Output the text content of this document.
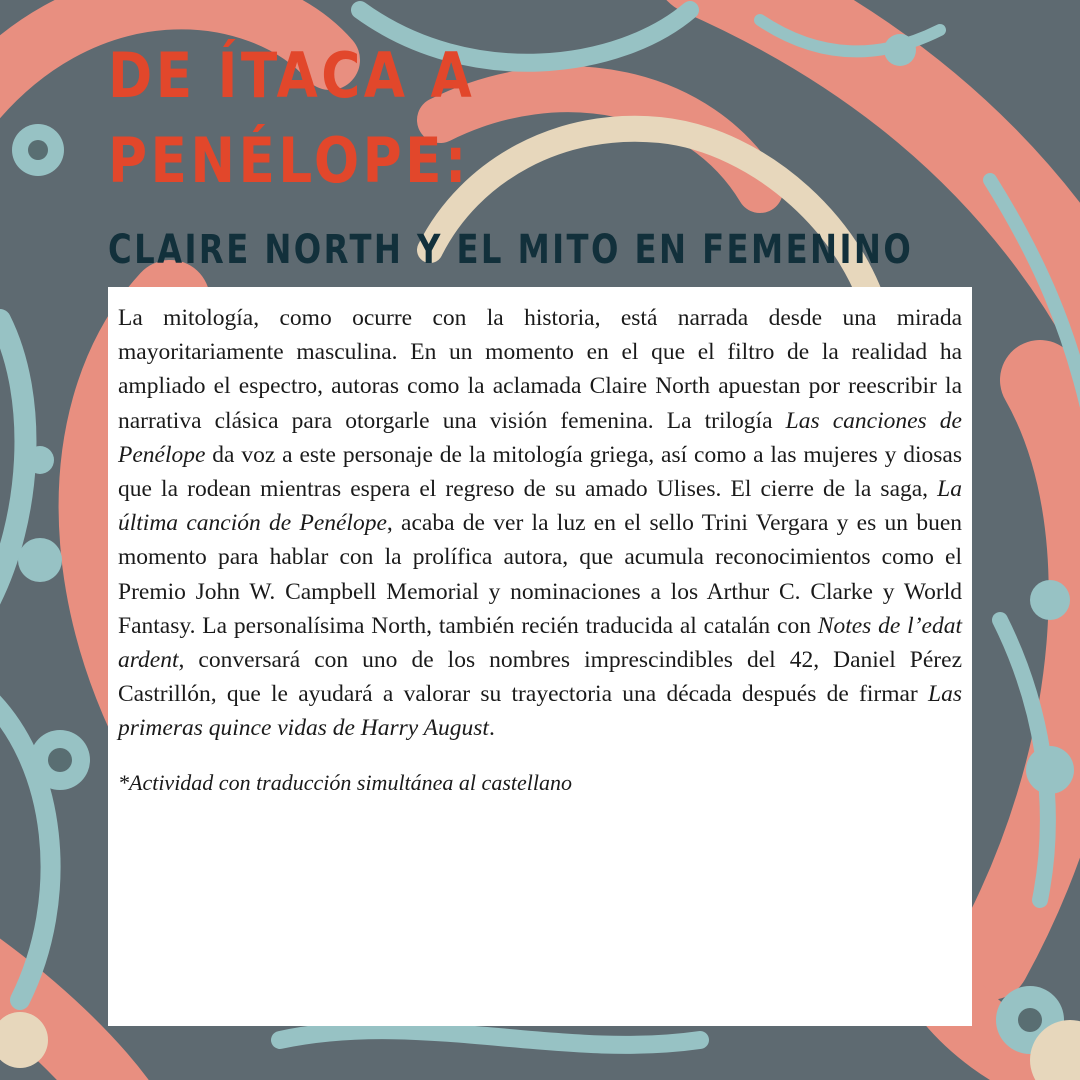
DE ÍTACA A
PENÉLOPE:
CLAIRE NORTH Y EL MITO EN FEMENINO

La mitología, como ocurre con la historia, está narrada desde una mirada mayoritariamente masculina. En un momento en el que el filtro de la realidad ha ampliado el espectro, autoras como la aclamada Claire North apuestan por reescribir la narrativa clásica para otorgarle una visión femenina. La trilogía Las canciones de Penélope da voz a este personaje de la mitología griega, así como a las mujeres y diosas que la rodean mientras espera el regreso de su amado Ulises. El cierre de la saga, La última canción de Penélope, acaba de ver la luz en el sello Trini Vergara y es un buen momento para hablar con la prolífica autora, que acumula reconocimientos como el Premio John W. Campbell Memorial y nominaciones a los Arthur C. Clarke y World Fantasy. La personalísima North, también recién traducida al catalán con Notes de l’edat ardent, conversará con uno de los nombres imprescindibles del 42, Daniel Pérez Castrillón, que le ayudará a valorar su trayectoria una década después de firmar Las primeras quince vidas de Harry August.

*Actividad con traducción simultánea al castellano
